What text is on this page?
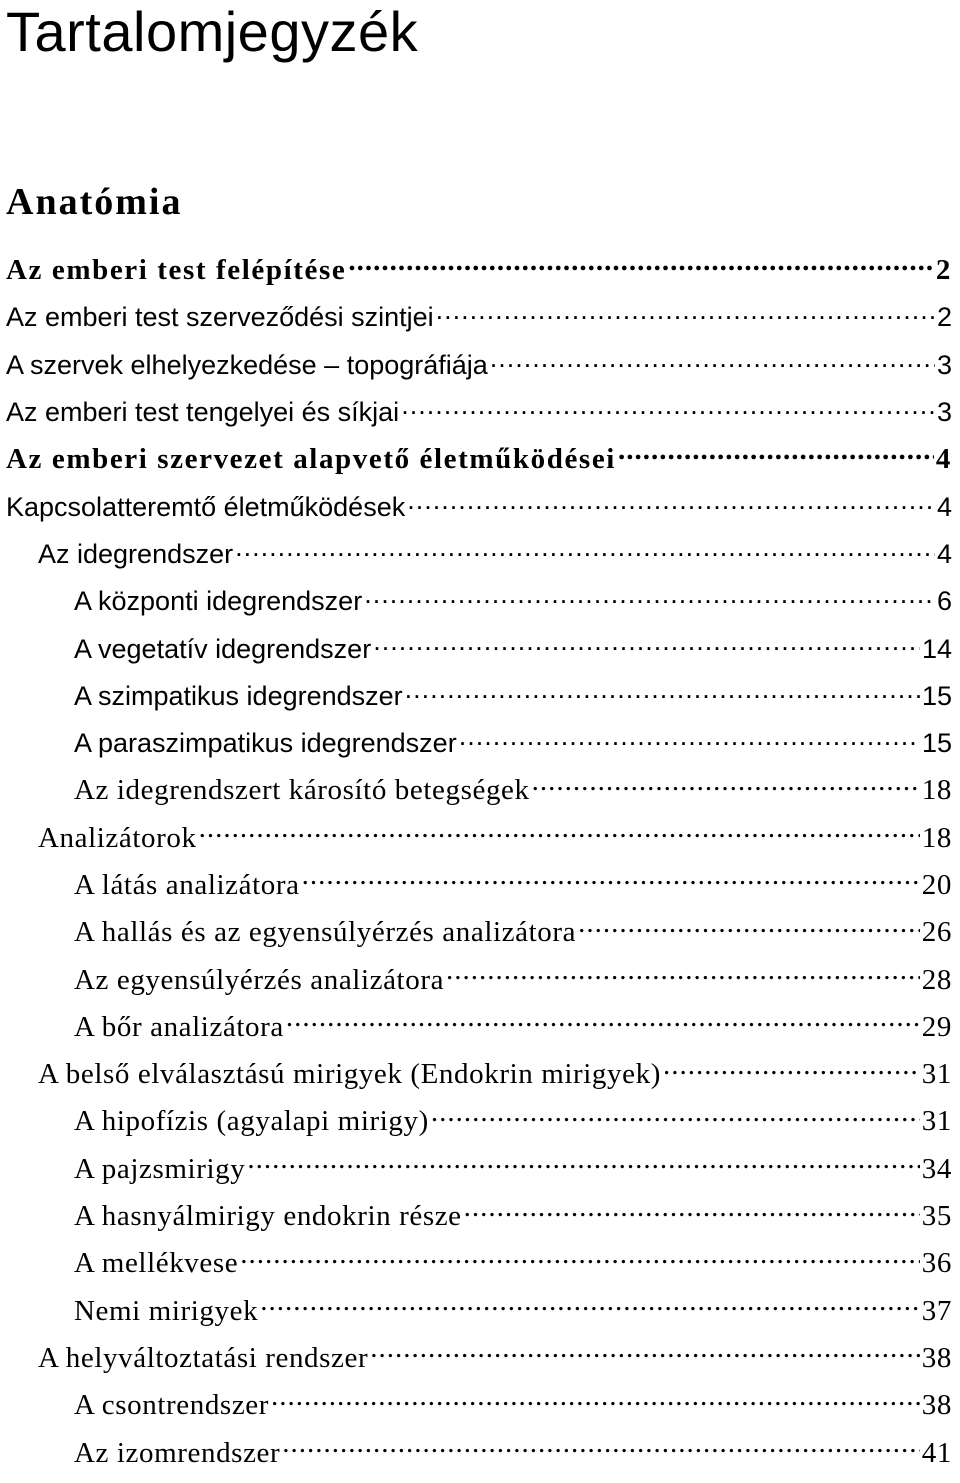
Tartalomjegyzék
Anatómia
Az emberi test felépítése .....	2
Az emberi test szerveződési szintjei .....	2
A szervek elhelyezkedése – topográfiája .....	3
Az emberi test tengelyei és síkjai .....	3
Az emberi szervezet alapvető életműködései .....	4
Kapcsolatteremtő életműködések .....	4
Az idegrendszer .....	4
A központi idegrendszer .....	6
A vegetatív idegrendszer .....	14
A szimpatikus idegrendszer .....	15
A paraszimpatikus idegrendszer .....	15
Az idegrendszert károsító betegségek .....	18
Analizátorok .....	18
A látás analizátora .....	20
A hallás és az egyensúlyérzés analizátora .....	26
Az egyensúlyérzés analizátora .....	28
A bőr analizátora .....	29
A belső elválasztású mirigyek (Endokrin mirigyek) .....	31
A hipofízis (agyalapi mirigy) .....	31
A pajzsmirigy .....	34
A hasnyálmirigy endokrin része .....	35
A mellékvese .....	36
Nemi mirigyek .....	37
A helyváltoztatási rendszer .....	38
A csontrendszer .....	38
Az izomrendszer .....	41
